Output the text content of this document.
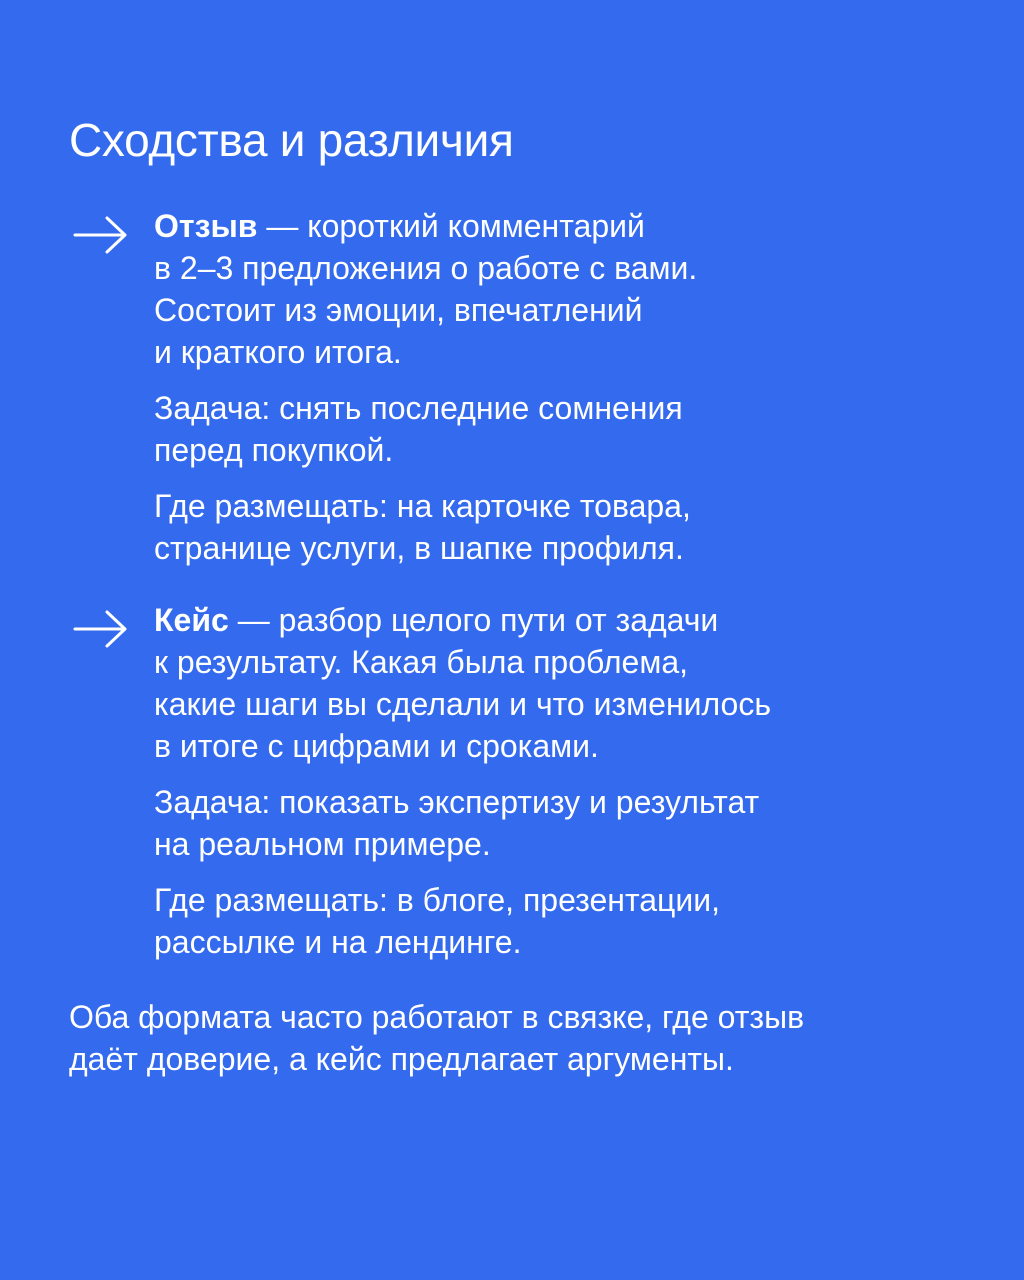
Сходства и различия

Отзыв — короткий комментарий
в 2–3 предложения о работе с вами.
Состоит из эмоции, впечатлений
и краткого итога.

Задача: снять последние сомнения
перед покупкой.

Где размещать: на карточке товара,
странице услуги, в шапке профиля.

Кейс — разбор целого пути от задачи
к результату. Какая была проблема,
какие шаги вы сделали и что изменилось
в итоге с цифрами и сроками.

Задача: показать экспертизу и результат
на реальном примере.

Где размещать: в блоге, презентации,
рассылке и на лендинге.

Оба формата часто работают в связке, где отзыв
даёт доверие, а кейс предлагает аргументы.
